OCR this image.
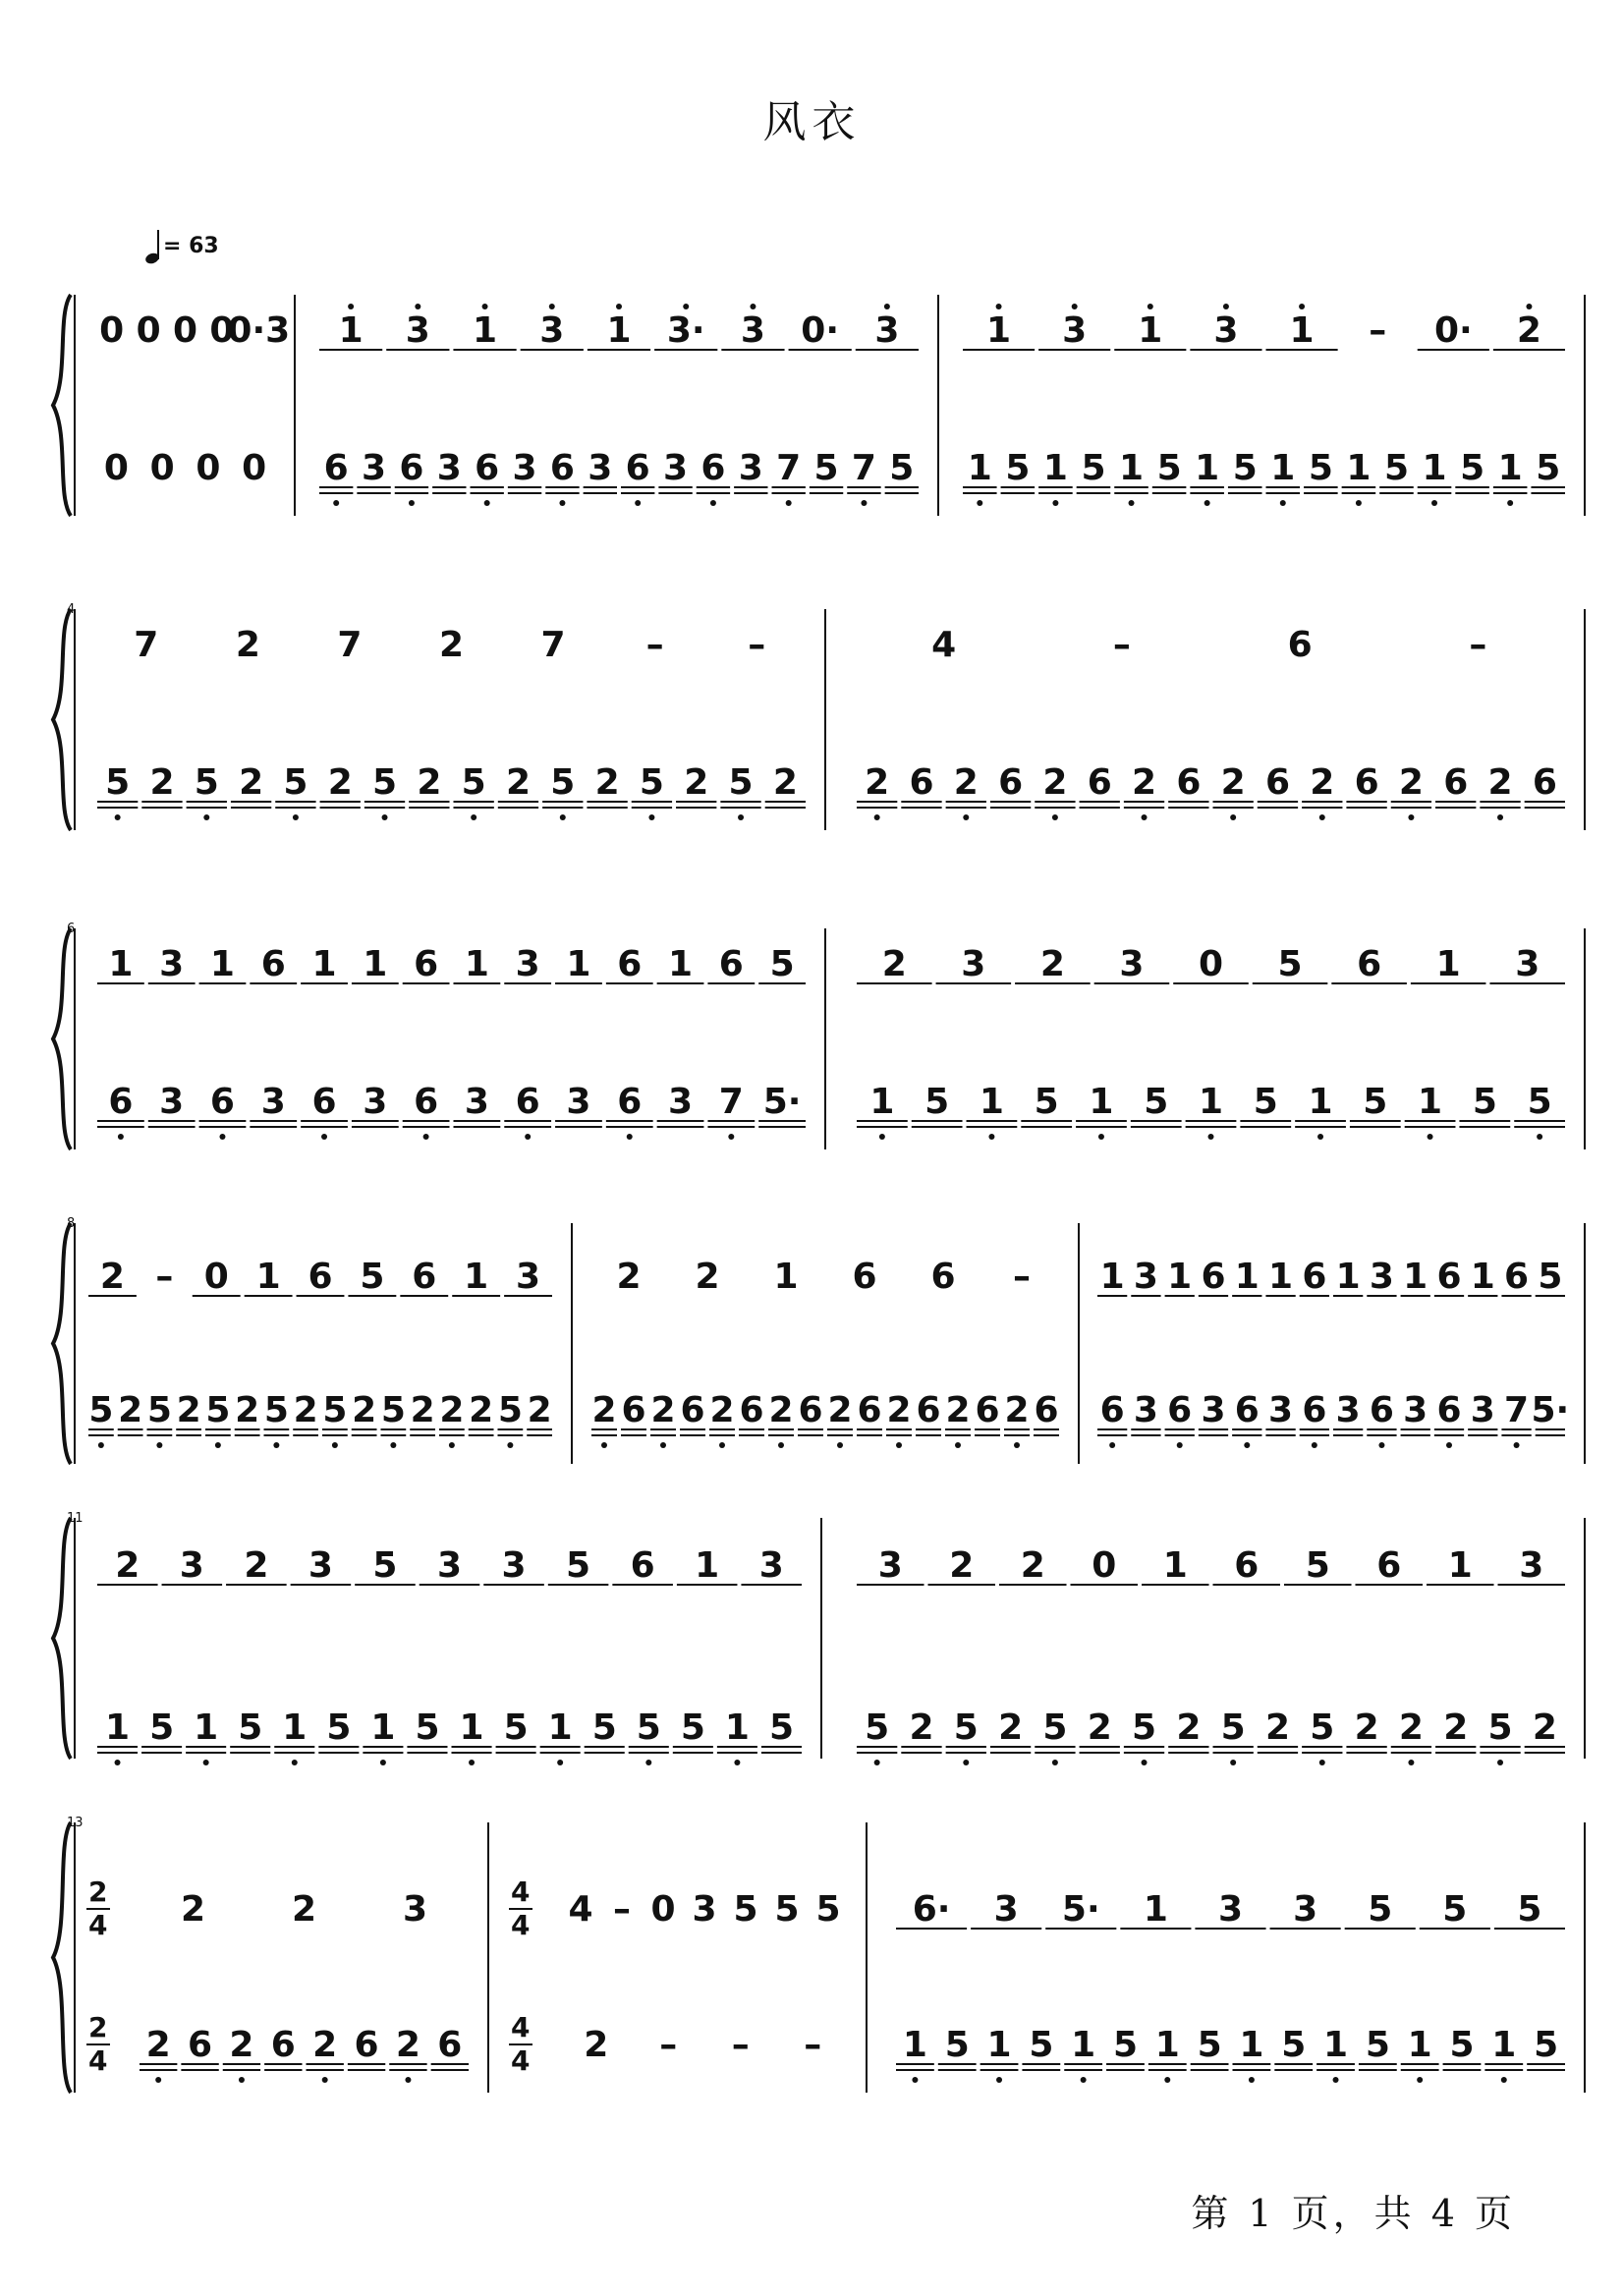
风衣
= 63
0 0 0 0
0·3
0 0 0 0
1 3 1 3 1 3· 3 0· 3
6 3 6 3 6 3 6 3 6 3 6 3 7 5 7 5
1 3 1 3 1 – 0· 2
1 5 1 5 1 5 1 5 1 5 1 5 1 5 1 5
4
7 2 7 2 7 – –
5 2 5 2 5 2 5 2 5 2 5 2 5 2 5 2
4	–	6	–
2 6 2 6 2 6 2 6 2 6 2 6 2 6 2 6
6
1 3 1 6 1 1 6 1 3 1 6 1 6 5
6 3 6 3 6 3 6 3 6 3 6 3 7 5·
2 3 2 3 0 5 6 1 3
1 5 1 5 1 5 1 5 1 5 1 5 5
8
2 – 0 1 6 5 6 1 3
5 2 5 2 5 2 5 2 5 2 5 2 2 2 5 2
2 2 1 6 6 –
2 6 2 6 2 6 2 6 2 6 2 6 2 6 2 6
1 3 1 6 1 1 6 1 3 1 6 1 6 5
6 3 6 3 6 3 6 3 6 3 6 3 7 5·
11
2 3 2 3 5 3 3 5 6 1 3
1 5 1 5 1 5 1 5 1 5 1 5 5 5 1 5
3 2 2 0 1 6 5 6 1 3
5 2 5 2 5 2 5 2 5 2 5 2 2 2 5 2
13
2
4
2
4
2 2 3
2 6 2 6 2 6 2 6
4
4
4
4
4 – 0 3 5 5 5
2 – – –
6· 3 5· 1 3 3 5 5 5
1 5 1 5 1 5 1 5 1 5 1 5 1 5 1 5
第 1 页，共 4 页
